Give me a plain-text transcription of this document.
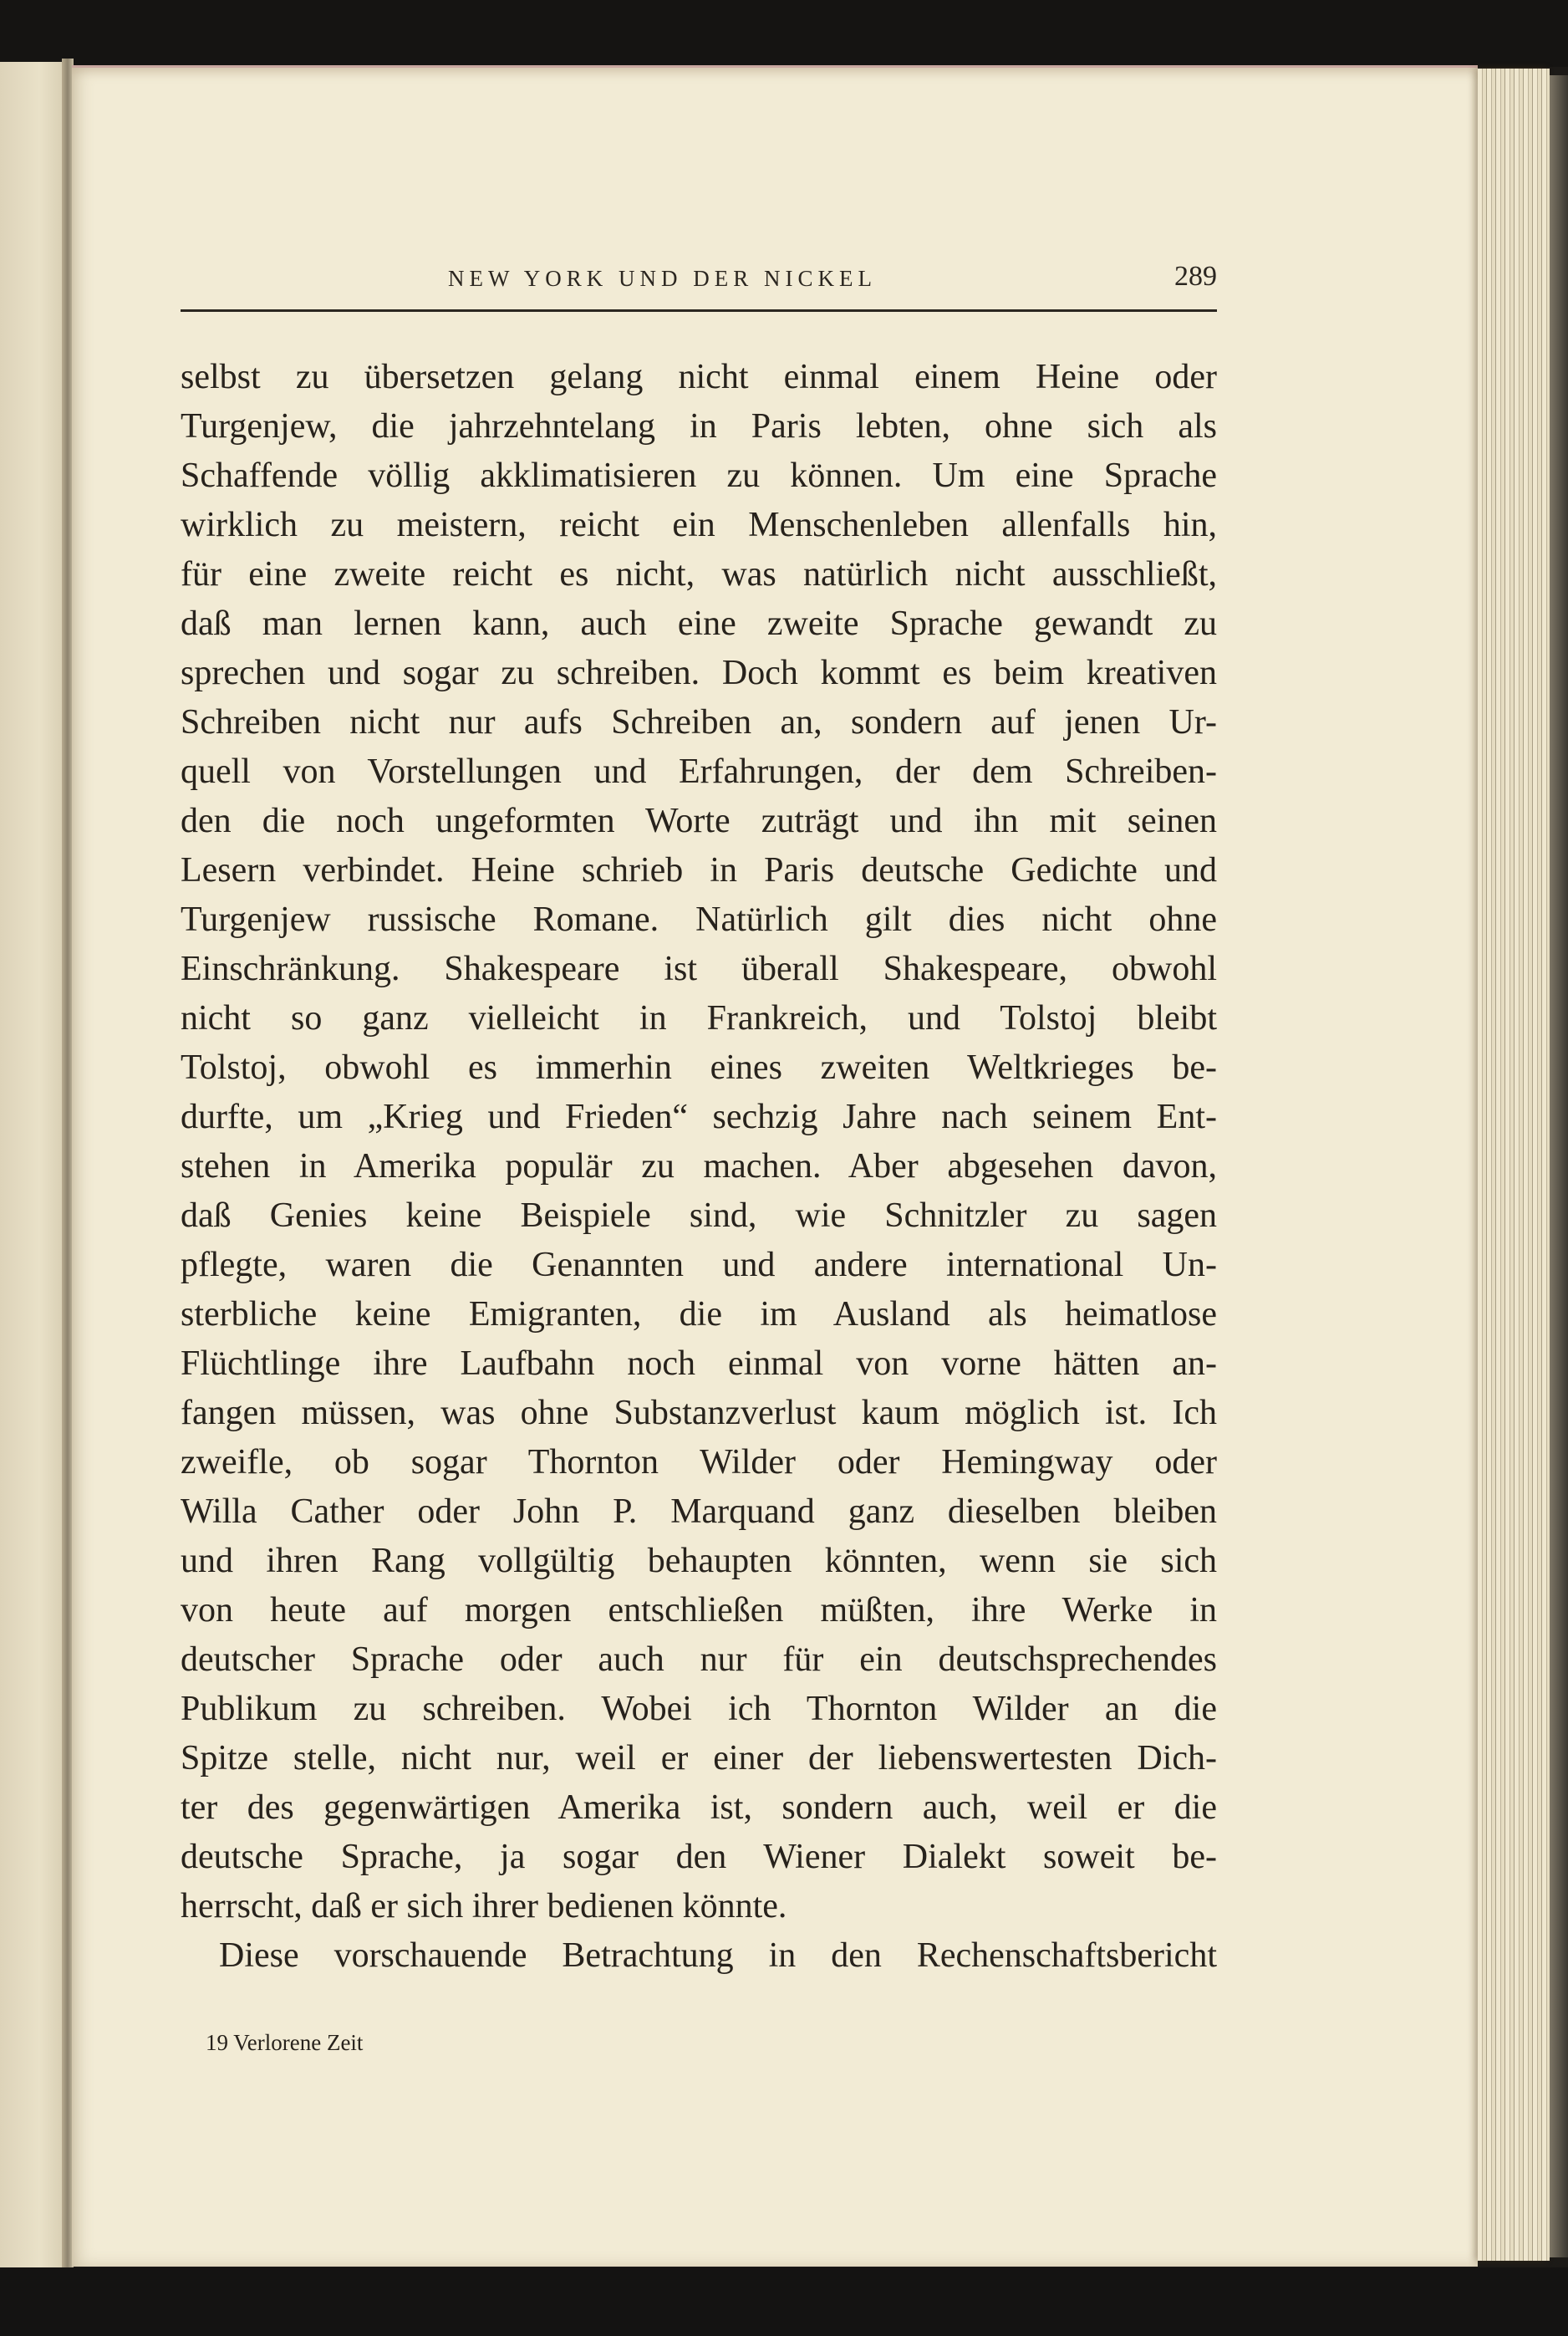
NEW YORK UND DER NICKEL	289
selbst zu übersetzen gelang nicht einmal einem Heine oder
Turgenjew, die jahrzehntelang in Paris lebten, ohne sich als
Schaffende völlig akklimatisieren zu können. Um eine Sprache
wirklich zu meistern, reicht ein Menschenleben allenfalls hin,
für eine zweite reicht es nicht, was natürlich nicht ausschließt,
daß man lernen kann, auch eine zweite Sprache gewandt zu
sprechen und sogar zu schreiben. Doch kommt es beim kreativen
Schreiben nicht nur aufs Schreiben an, sondern auf jenen Ur-
quell von Vorstellungen und Erfahrungen, der dem Schreiben-
den die noch ungeformten Worte zuträgt und ihn mit seinen
Lesern verbindet. Heine schrieb in Paris deutsche Gedichte und
Turgenjew russische Romane. Natürlich gilt dies nicht ohne
Einschränkung. Shakespeare ist überall Shakespeare, obwohl
nicht so ganz vielleicht in Frankreich, und Tolstoj bleibt
Tolstoj, obwohl es immerhin eines zweiten Weltkrieges be-
durfte, um „Krieg und Frieden“ sechzig Jahre nach seinem Ent-
stehen in Amerika populär zu machen. Aber abgesehen davon,
daß Genies keine Beispiele sind, wie Schnitzler zu sagen
pflegte, waren die Genannten und andere international Un-
sterbliche keine Emigranten, die im Ausland als heimatlose
Flüchtlinge ihre Laufbahn noch einmal von vorne hätten an-
fangen müssen, was ohne Substanzverlust kaum möglich ist. Ich
zweifle, ob sogar Thornton Wilder oder Hemingway oder
Willa Cather oder John P. Marquand ganz dieselben bleiben
und ihren Rang vollgültig behaupten könnten, wenn sie sich
von heute auf morgen entschließen müßten, ihre Werke in
deutscher Sprache oder auch nur für ein deutschsprechendes
Publikum zu schreiben. Wobei ich Thornton Wilder an die
Spitze stelle, nicht nur, weil er einer der liebenswertesten Dich-
ter des gegenwärtigen Amerika ist, sondern auch, weil er die
deutsche Sprache, ja sogar den Wiener Dialekt soweit be-
herrscht, daß er sich ihrer bedienen könnte.
Diese vorschauende Betrachtung in den Rechenschaftsbericht
19 Verlorene Zeit
